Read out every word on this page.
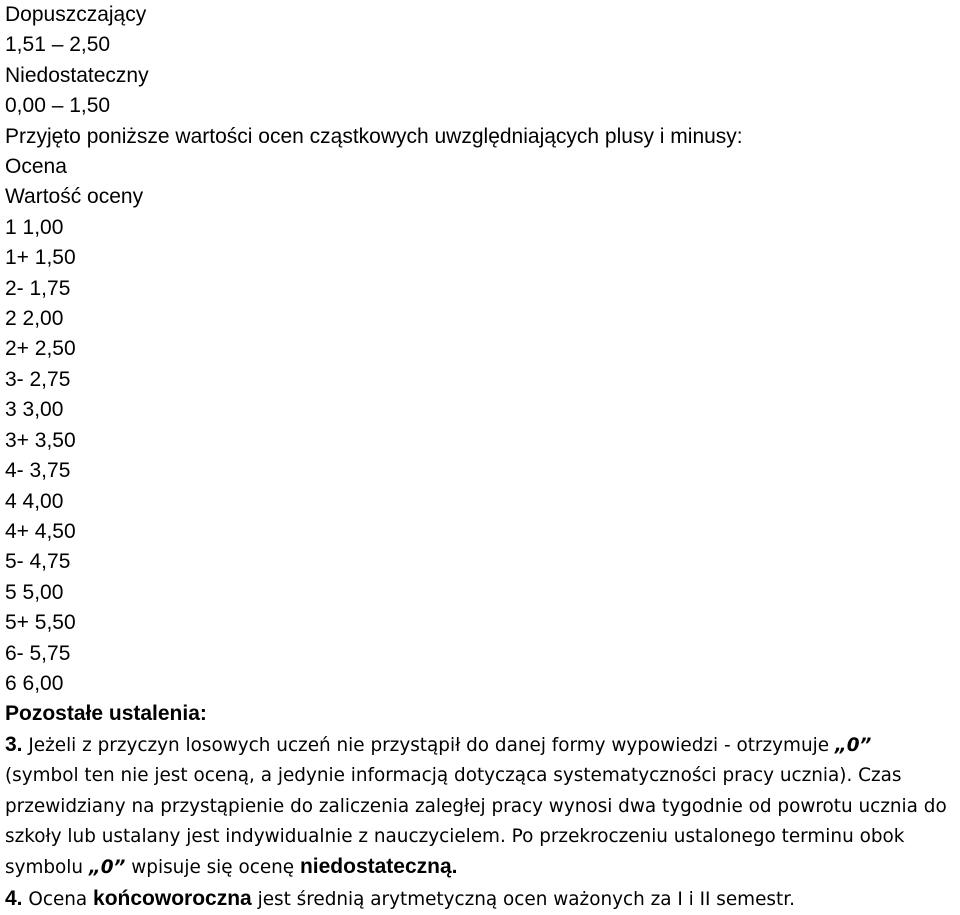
Dopuszczający

1,51 – 2,50

Niedostateczny

0,00 – 1,50

Przyjęto poniższe wartości ocen cząstkowych uwzględniających plusy i minusy:

Ocena

Wartość oceny

1 1,00

1+ 1,50

2- 1,75

2 2,00

2+ 2,50

3- 2,75

3 3,00

3+ 3,50

4- 3,75

4 4,00

4+ 4,50

5- 4,75

5 5,00

5+ 5,50

6- 5,75

6 6,00

Pozostałe ustalenia:

3. Jeżeli z przyczyn losowych uczeń nie przystąpił do danej formy wypowiedzi - otrzymuje „0” (symbol ten nie jest oceną, a jedynie informacją dotycząca systematyczności pracy ucznia). Czas przewidziany na przystąpienie do zaliczenia zaległej pracy wynosi dwa tygodnie od powrotu ucznia do szkoły lub ustalany jest indywidualnie z nauczycielem. Po przekroczeniu ustalonego terminu obok symbolu „0” wpisuje się ocenę niedostateczną.

4. Ocena końcoworoczna jest średnią arytmetyczną ocen ważonych za I i II semestr.
